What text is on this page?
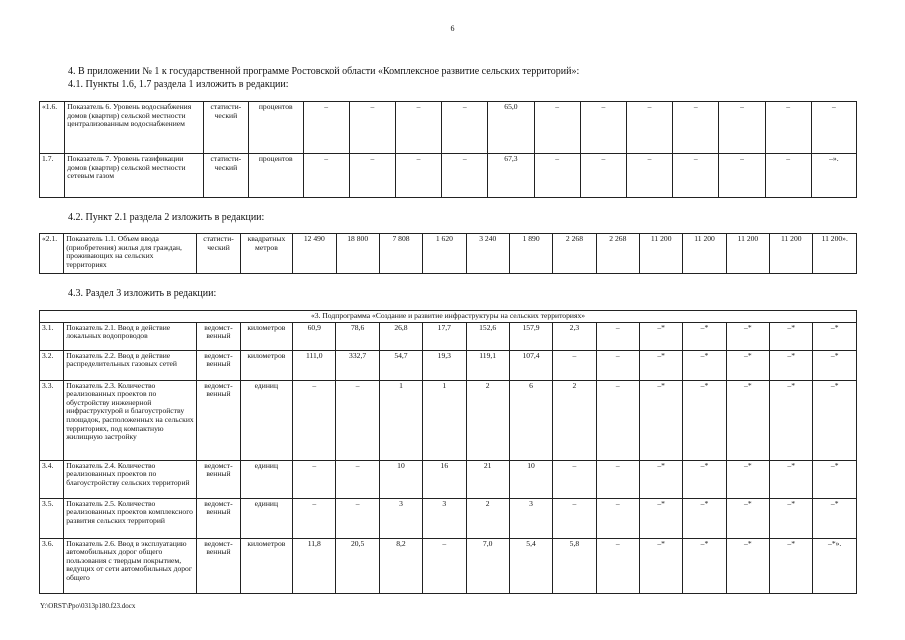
6
4. В приложении № 1 к государственной программе Ростовской области «Комплексное развитие сельских территорий»:
4.1. Пункты 1.6, 1.7 раздела 1 изложить в редакции:
«1.6.	Показатель 6. Уровень водоснабжения домов (квартир) сельской местности централизованным водоснабжением	статисти-ческий	процентов	–	–	–	–	65,0	–	–	–	–	–	–	–
1.7.	Показатель 7. Уровень газификации домов (квартир) сельской местности сетевым газом	статисти-ческий	процентов	–	–	–	–	67,3	–	–	–	–	–	–	–».
4.2. Пункт 2.1 раздела 2 изложить в редакции:
«2.1.	Показатель 1.1. Объем ввода (приобретения) жилья для граждан, проживающих на сельских территориях	статисти-ческий	квадратных метров	12 490	18 800	7 808	1 620	3 240	1 890	2 268	2 268	11 200	11 200	11 200	11 200	11 200».
4.3. Раздел 3 изложить в редакции:
«3. Подпрограмма «Создание и развитие инфраструктуры на сельских территориях»																
3.1.	Показатель 2.1. Ввод в действие локальных водопроводов	ведомст-венный	километров	60,9	78,6	26,8	17,7	152,6	157,9	2,3	–	–*	–*	–*	–*	–*
3.2.	Показатель 2.2. Ввод в действие распределительных газовых сетей	ведомст-венный	километров	111,0	332,7	54,7	19,3	119,1	107,4	–	–	–*	–*	–*	–*	–*
3.3.	Показатель 2.3. Количество реализованных проектов по обустройству инженерной инфраструктурой и благоустройству площадок, расположенных на сельских территориях, под компактную жилищную застройку	ведомст-венный	единиц	–	–	1	1	2	6	2	–	–*	–*	–*	–*	–*
3.4.	Показатель 2.4. Количество реализованных проектов по благоустройству сельских территорий	ведомст-венный	единиц	–	–	10	16	21	10	–	–	–*	–*	–*	–*	–*
3.5.	Показатель 2.5. Количество реализованных проектов комплексного развития сельских территорий	ведомст-венный	единиц	–	–	3	3	2	3	–	–	–*	–*	–*	–*	–*
3.6.	Показатель 2.6. Ввод в эксплуатацию автомобильных дорог общего пользования с твердым покрытием, ведущих от сети автомобильных дорог общего	ведомст-венный	километров	11,8	20,5	8,2	–	7,0	5,4	5,8	–	–*	–*	–*	–*	–*».
Y:\ORST\Ppo\0313p180.f23.docx
